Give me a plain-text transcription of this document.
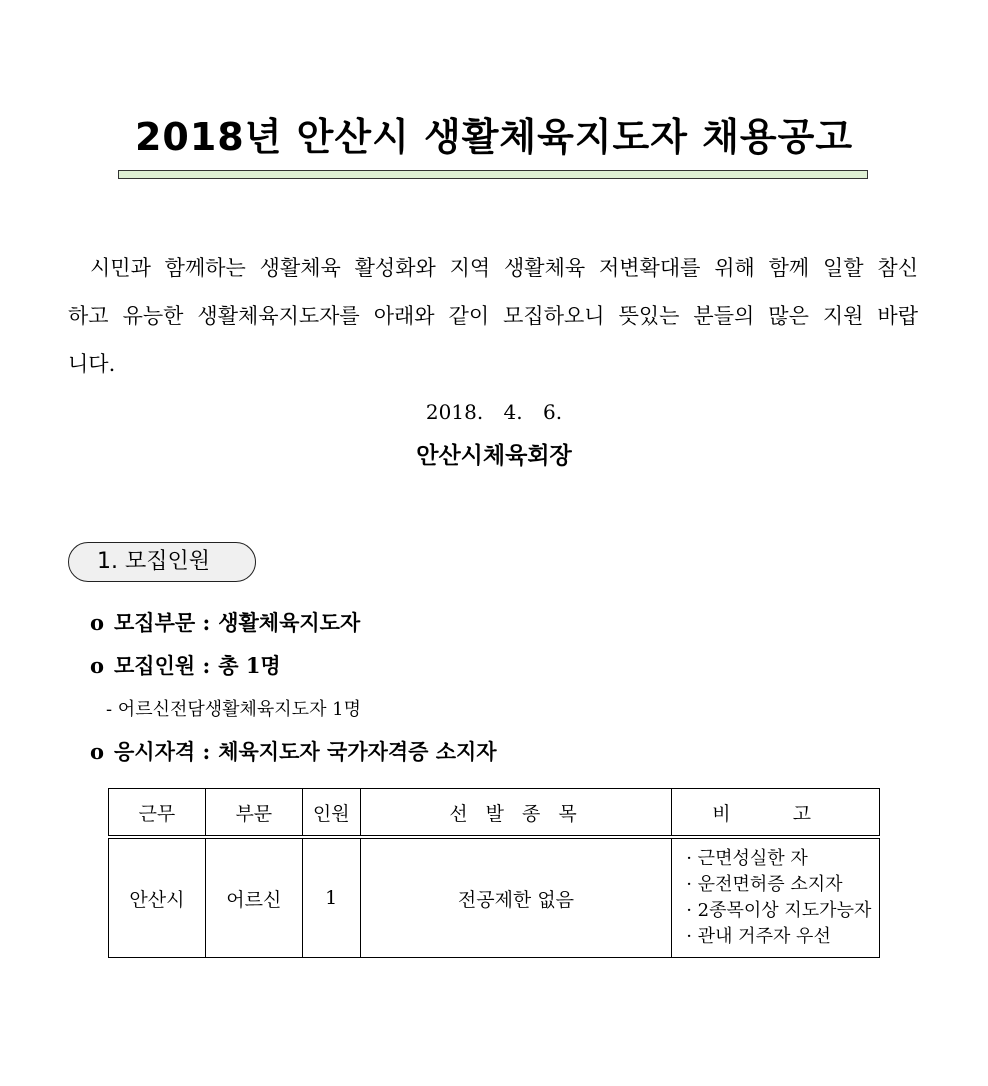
2018년 안산시 생활체육지도자 채용공고

시민과 함께하는 생활체육 활성화와 지역 생활체육 저변확대를 위해 함께 일할 참신하고 유능한 생활체육지도자를 아래와 같이 모집하오니 뜻있는 분들의 많은 지원 바랍니다.

2018. 4. 6.
안산시체육회장
1. 모집인원
o 모집부문 : 생활체육지도자
o 모집인원 : 총 1명
- 어르신전담생활체육지도자 1명
o 응시자격 : 체육지도자 국가자격증 소지자
근무	부문	인원	선 발 종 목	비 고
안산시	어르신	1	전공제한 없음	· 근면성실한 자
· 운전면허증 소지자
· 2종목이상 지도가능자
· 관내 거주자 우선
